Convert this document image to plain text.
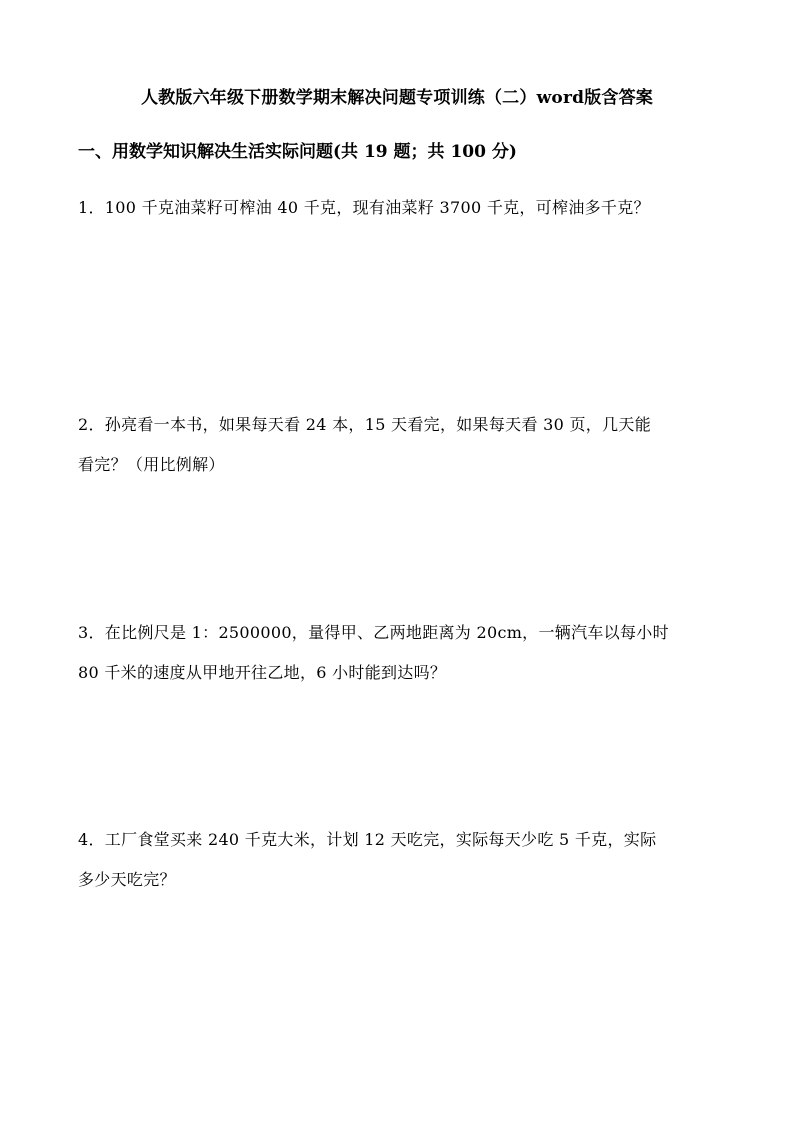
人教版六年级下册数学期末解决问题专项训练（二）word版含答案
一、用数学知识解决生活实际问题(共 19 题；共 100 分)
1．100 千克油菜籽可榨油 40 千克，现有油菜籽 3700 千克，可榨油多千克？
2．孙亮看一本书，如果每天看 24 本，15 天看完，如果每天看 30 页，几天能
看完？（用比例解）
3．在比例尺是 1：2500000，量得甲、乙两地距离为 20cm，一辆汽车以每小时
80 千米的速度从甲地开往乙地，6 小时能到达吗？
4．工厂食堂买来 240 千克大米，计划 12 天吃完，实际每天少吃 5 千克，实际
多少天吃完？
